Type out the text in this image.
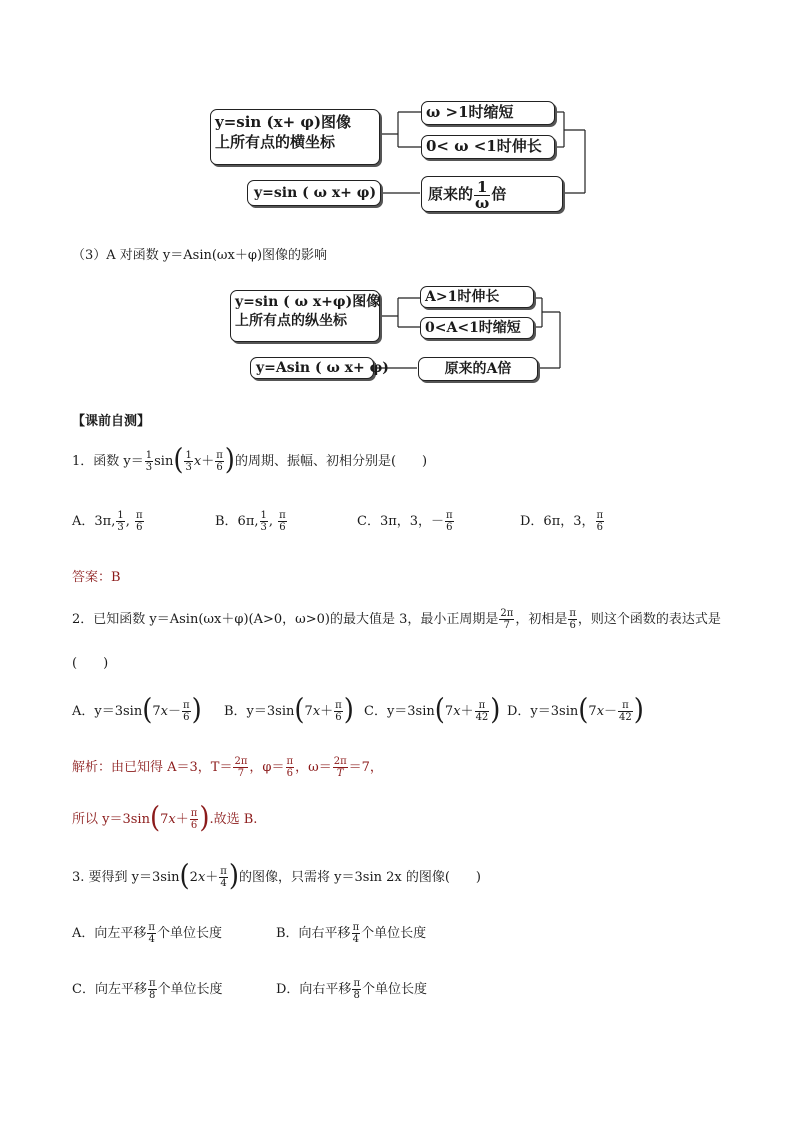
y=sin (x+ φ)图像
上所有点的横坐标
ω >1时缩短
0< ω <1时伸长
原来的 $\frac{1}{\omega}$ 倍
y=sin ( ω x+ φ)
（3）A 对函数 y＝Asin(ωx＋φ)图像的影响
y=sin ( ω x+φ)图像
上所有点的纵坐标
A>1时伸长
0<A<1时缩短
原来的A倍
y=Asin ( ω x+ φ)
【课前自测】
1．函数 $y= \frac{1}{3} \sin( \frac{1}{3} x+ \frac{\pi}{6}$ )的周期、振幅、初相分别是(　　)
A．3π, $\frac{1}{3}$ , $\frac{\pi}{6}$	B．6π, $\frac{1}{3}$ , $\frac{\pi}{6}$	C．3π，3，－ $\frac{\pi}{6}$	D．6π，3， $\frac{\pi}{6}$
答案：B
2．已知函数 y＝Asin(ωx＋φ)(A>0，ω>0)的最大值是 3，最小正周期是 $\frac{2\pi}{7}$ ，初相是 $\frac{\pi}{6}$ ，则这个函数的表达式是
(　　)
A．$y=3\sin(7x- \frac{\pi}{6}$ ) B．$y=3\sin(7x+ \frac{\pi}{6}$ ) C．$y=3\sin(7x+ \frac{\pi}{42}$ ) D．$y=3\sin(7x- \frac{\pi}{42}$ )
解析：由已知得 A＝3，$T= \frac{2\pi}{7}$ ，$\varphi= \frac{\pi}{6}$ ，$\omega= \frac{2\pi}{T} =7$，
所以 $y=3\sin(7x+ \frac{\pi}{6}$ ).故选 B.
3. 要得到 $y=3\sin(2x+ \frac{\pi}{4}$ )的图像，只需将 y＝3sin 2x 的图像(　　)
A．向左平移 $\frac{\pi}{4}$ 个单位长度	B．向右平移 $\frac{\pi}{4}$ 个单位长度
C．向左平移 $\frac{\pi}{8}$ 个单位长度	D．向右平移 $\frac{\pi}{8}$ 个单位长度
